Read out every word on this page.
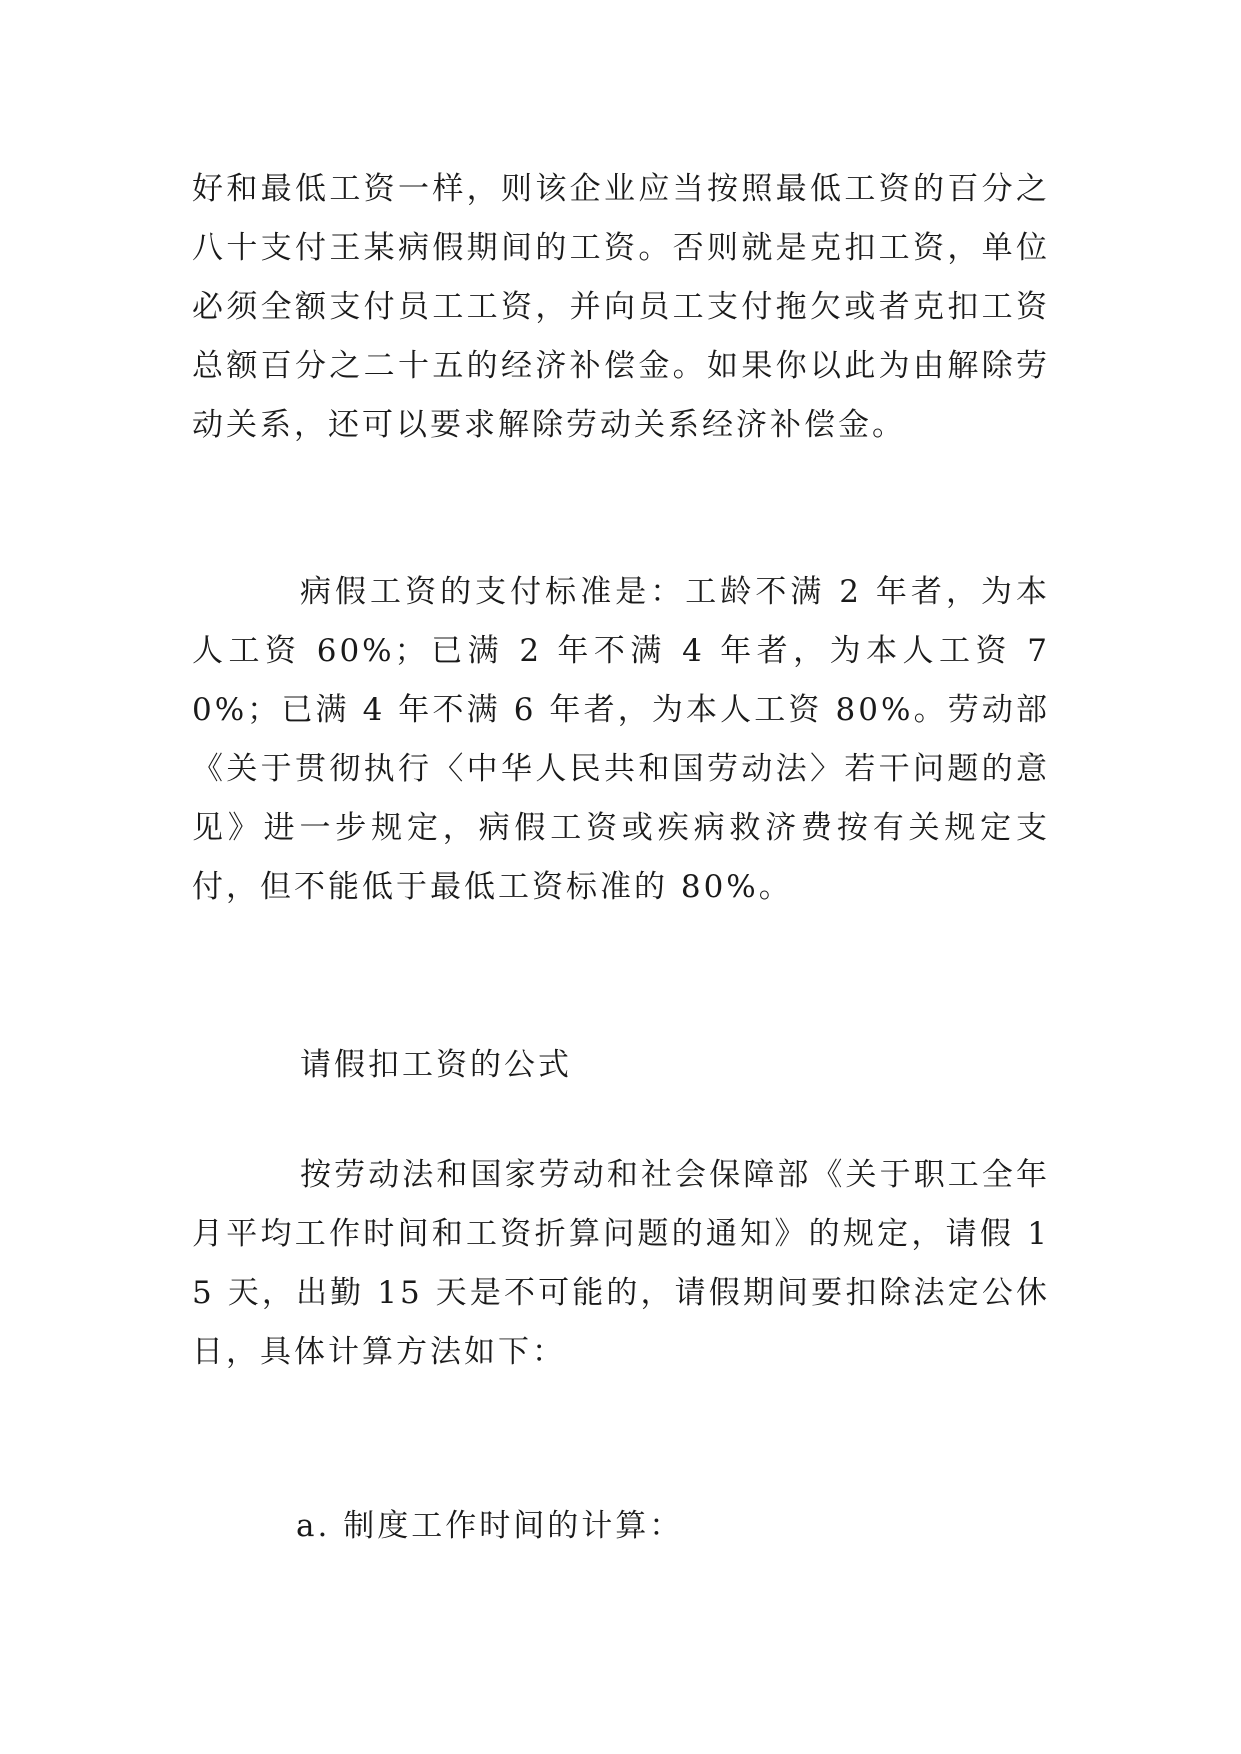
好和最低工资一样，则该企业应当按照最低工资的百分之八十支付王某病假期间的工资。否则就是克扣工资，单位必须全额支付员工工资，并向员工支付拖欠或者克扣工资总额百分之二十五的经济补偿金。如果你以此为由解除劳动关系，还可以要求解除劳动关系经济补偿金。

病假工资的支付标准是：工龄不满 2 年者，为本人工资 60%；已满 2 年不满 4 年者，为本人工资 70%；已满 4 年不满 6 年者，为本人工资 80%。劳动部《关于贯彻执行〈中华人民共和国劳动法〉若干问题的意见》进一步规定，病假工资或疾病救济费按有关规定支付，但不能低于最低工资标准的 80%。

请假扣工资的公式

按劳动法和国家劳动和社会保障部《关于职工全年月平均工作时间和工资折算问题的通知》的规定，请假 15 天，出勤 15 天是不可能的，请假期间要扣除法定公休日，具体计算方法如下：

a. 制度工作时间的计算：
